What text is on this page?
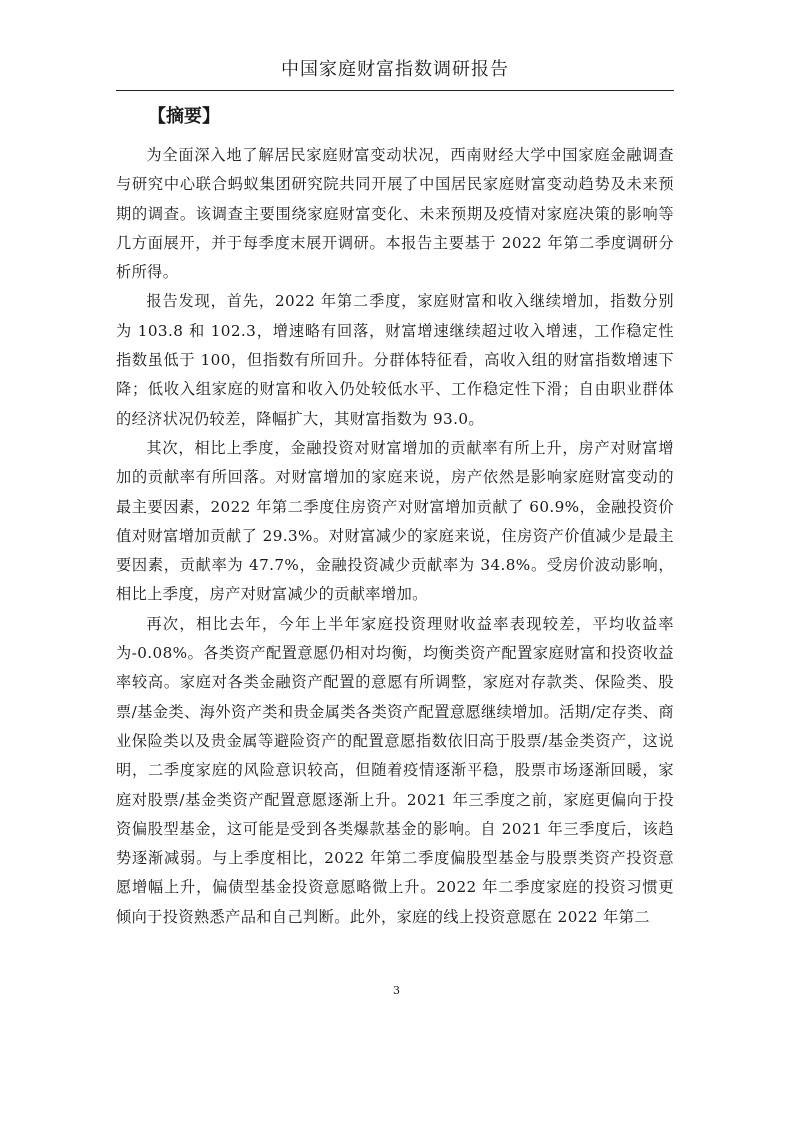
中国家庭财富指数调研报告
【摘要】

为全面深入地了解居民家庭财富变动状况，西南财经大学中国家庭金融调查与研究中心联合蚂蚁集团研究院共同开展了中国居民家庭财富变动趋势及未来预期的调查。该调查主要围绕家庭财富变化、未来预期及疫情对家庭决策的影响等几方面展开，并于每季度末展开调研。本报告主要基于 2022 年第二季度调研分析所得。

报告发现，首先，2022 年第二季度，家庭财富和收入继续增加，指数分别为 103.8 和 102.3，增速略有回落，财富增速继续超过收入增速，工作稳定性指数虽低于 100，但指数有所回升。分群体特征看，高收入组的财富指数增速下降；低收入组家庭的财富和收入仍处较低水平、工作稳定性下滑；自由职业群体的经济状况仍较差，降幅扩大，其财富指数为 93.0。

其次，相比上季度，金融投资对财富增加的贡献率有所上升，房产对财富增加的贡献率有所回落。对财富增加的家庭来说，房产依然是影响家庭财富变动的最主要因素，2022 年第二季度住房资产对财富增加贡献了 60.9%，金融投资价值对财富增加贡献了 29.3%。对财富减少的家庭来说，住房资产价值减少是最主要因素，贡献率为 47.7%，金融投资减少贡献率为 34.8%。受房价波动影响，相比上季度，房产对财富减少的贡献率增加。

再次，相比去年，今年上半年家庭投资理财收益率表现较差，平均收益率为-0.08%。各类资产配置意愿仍相对均衡，均衡类资产配置家庭财富和投资收益率较高。家庭对各类金融资产配置的意愿有所调整，家庭对存款类、保险类、股票/基金类、海外资产类和贵金属类各类资产配置意愿继续增加。活期/定存类、商业保险类以及贵金属等避险资产的配置意愿指数依旧高于股票/基金类资产，这说明，二季度家庭的风险意识较高，但随着疫情逐渐平稳，股票市场逐渐回暖，家庭对股票/基金类资产配置意愿逐渐上升。2021 年三季度之前，家庭更偏向于投资偏股型基金，这可能是受到各类爆款基金的影响。自 2021 年三季度后，该趋势逐渐减弱。与上季度相比，2022 年第二季度偏股型基金与股票类资产投资意愿增幅上升，偏债型基金投资意愿略微上升。2022 年二季度家庭的投资习惯更倾向于投资熟悉产品和自己判断。此外，家庭的线上投资意愿在 2022 年第二

3
